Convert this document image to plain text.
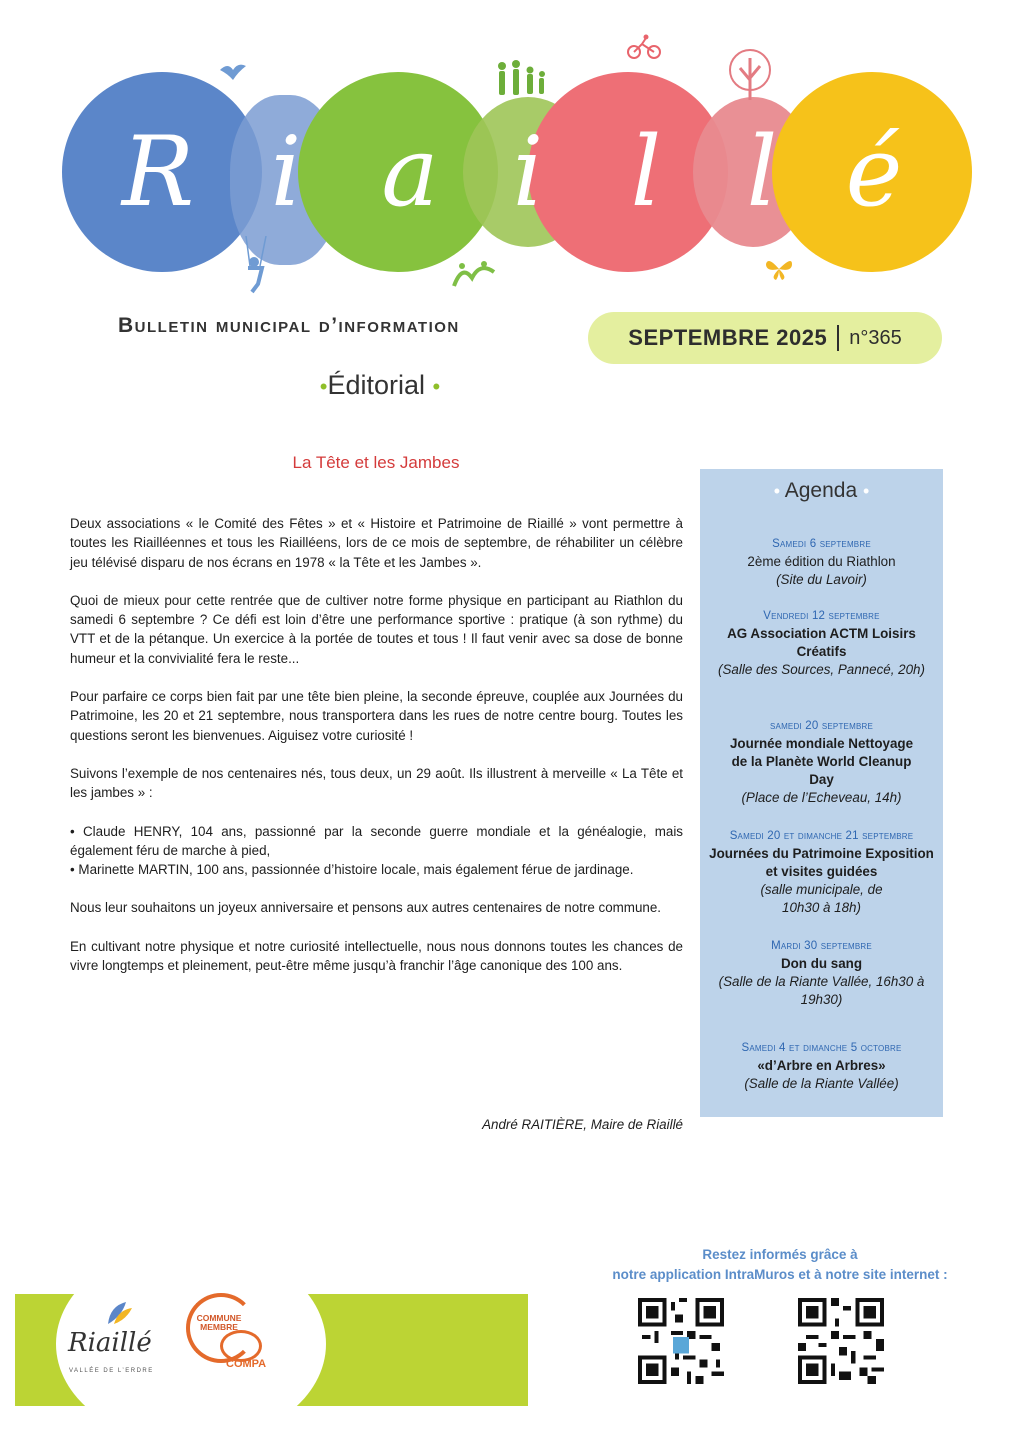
R i a i l l é
Bulletin municipal d’information	SEPTEMBRE 2025 n°365
•Éditorial •
La Tête et les Jambes

Deux associations « le Comité des Fêtes » et « Histoire et Patrimoine de Riaillé » vont permettre à toutes les Riailléennes et tous les Riailléens, lors de ce mois de septembre, de réhabiliter un célèbre jeu télévisé disparu de nos écrans en 1978 « la Tête et les Jambes ».

Quoi de mieux pour cette rentrée que de cultiver notre forme physique en participant au Riathlon du samedi 6 septembre ? Ce défi est loin d’être une performance sportive : pratique (à son rythme) du VTT et de la pétanque. Un exercice à la portée de toutes et tous ! Il faut venir avec sa dose de bonne humeur et la convivialité fera le reste...

Pour parfaire ce corps bien fait par une tête bien pleine, la seconde épreuve, couplée aux Journées du Patrimoine, les 20 et 21 septembre, nous transportera dans les rues de notre centre bourg. Toutes les questions seront les bienvenues. Aiguisez votre curiosité !

Suivons l’exemple de nos centenaires nés, tous deux, un 29 août. Ils illustrent à merveille « La Tête et les jambes » :

• Claude HENRY, 104 ans, passionné par la seconde guerre mondiale et la généalogie, mais également féru de marche à pied,

• Marinette MARTIN, 100 ans, passionnée d’histoire locale, mais également férue de jardinage.

Nous leur souhaitons un joyeux anniversaire et pensons aux autres centenaires de notre commune.

En cultivant notre physique et notre curiosité intellectuelle, nous nous donnons toutes les chances de vivre longtemps et pleinement, peut-être même jusqu’à franchir l’âge canonique des 100 ans.

André RAITIÈRE, Maire de Riaillé
• Agenda •
Samedi 6 septembre
2ème édition du Riathlon
(Site du Lavoir)
Vendredi 12 septembre
AG Association ACTM Loisirs Créatifs
(Salle des Sources, Pannecé, 20h)
samedi 20 septembre
Journée mondiale Nettoyage de la Planète World Cleanup Day
(Place de l’Echeveau, 14h)
Samedi 20 et dimanche 21 septembre
Journées du Patrimoine Exposition et visites guidées
(salle municipale, de 10h30 à 18h)
Mardi 30 septembre
Don du sang
(Salle de la Riante Vallée, 16h30 à 19h30)
Samedi 4 et dimanche 5 octobre
«d’Arbre en Arbres»
(Salle de la Riante Vallée)
Riaillé
VALLÉE DE L’ERDRE
COMMUNE
MEMBRE
COMPA
Restez informés grâce à
notre application IntraMuros et à notre site internet :
